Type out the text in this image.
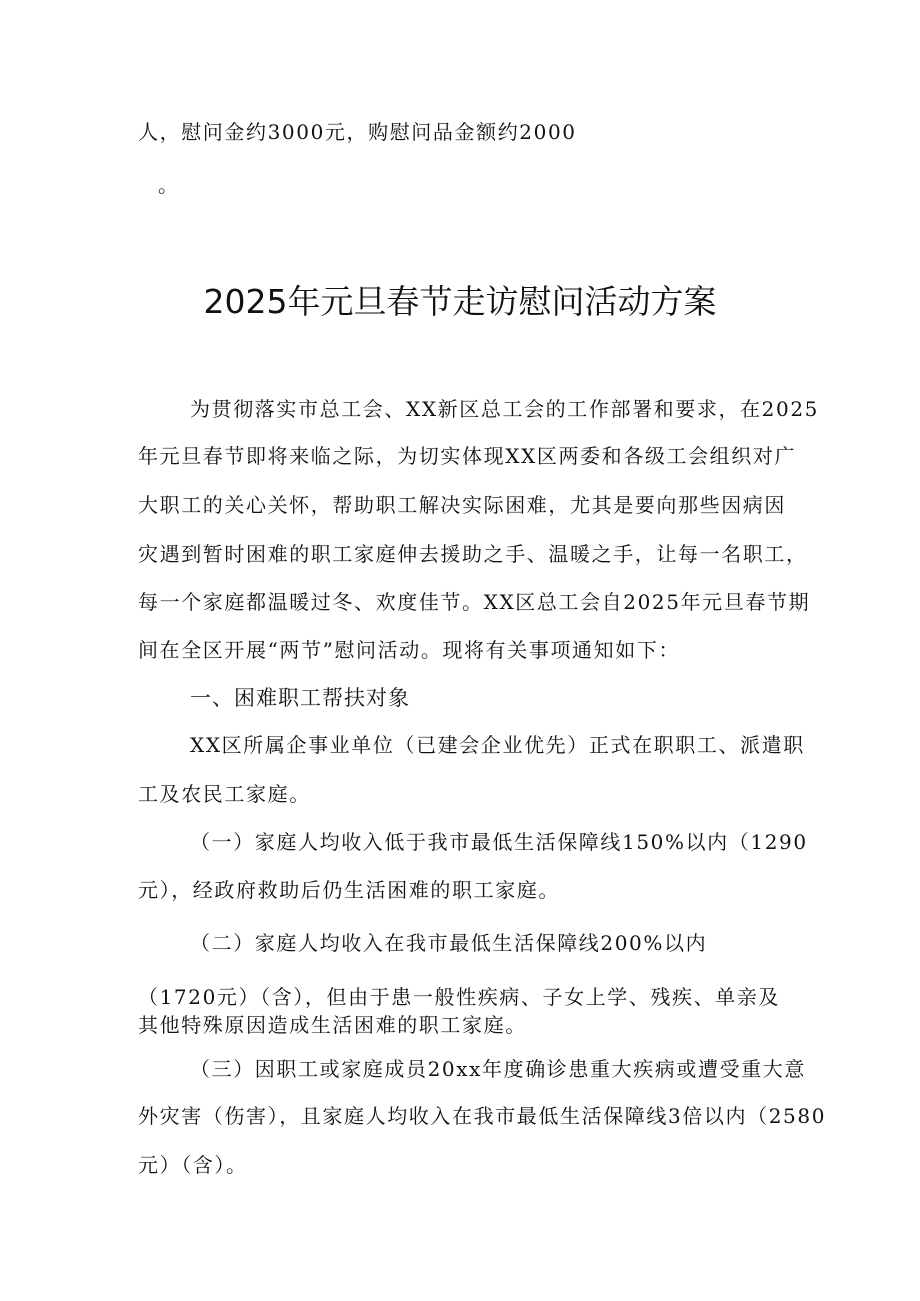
人，慰问金约3000元，购慰问品金额约2000
。
2025年元旦春节走访慰问活动方案
为贯彻落实市总工会、XX新区总工会的工作部署和要求，在2025
年元旦春节即将来临之际，为切实体现XX区两委和各级工会组织对广
大职工的关心关怀，帮助职工解决实际困难，尤其是要向那些因病因
灾遇到暂时困难的职工家庭伸去援助之手、温暖之手，让每一名职工，
每一个家庭都温暖过冬、欢度佳节。XX区总工会自2025年元旦春节期
间在全区开展“两节”慰问活动。现将有关事项通知如下：
一、困难职工帮扶对象
XX区所属企事业单位（已建会企业优先）正式在职职工、派遣职
工及农民工家庭。
（一）家庭人均收入低于我市最低生活保障线150%以内（1290
元），经政府救助后仍生活困难的职工家庭。
（二）家庭人均收入在我市最低生活保障线200%以内
（1720元）（含），但由于患一般性疾病、子女上学、残疾、单亲及
其他特殊原因造成生活困难的职工家庭。
（三）因职工或家庭成员20xx年度确诊患重大疾病或遭受重大意
外灾害（伤害），且家庭人均收入在我市最低生活保障线3倍以内（2580
元）（含）。
